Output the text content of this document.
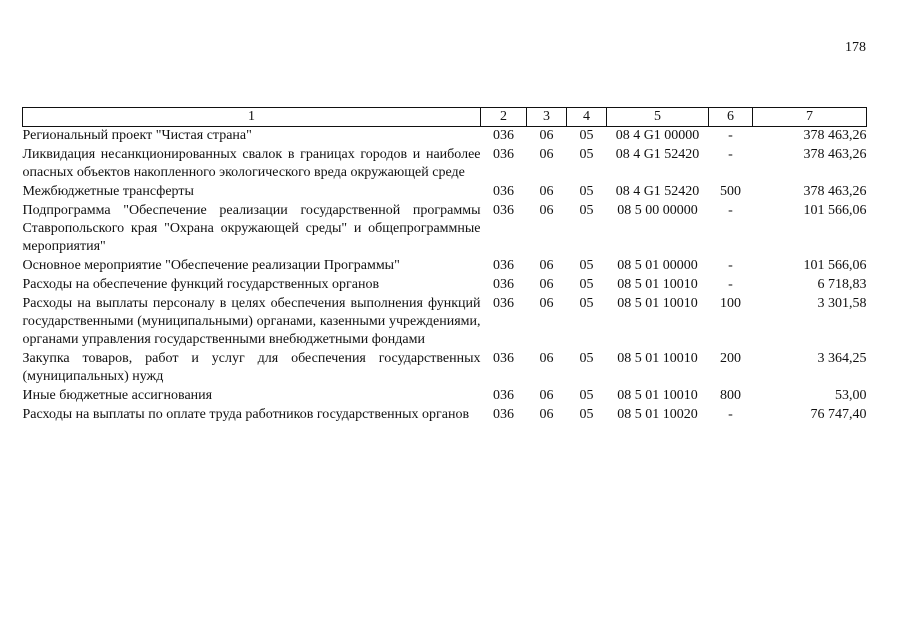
178
1	2	3	4	5	6	7
Региональный проект "Чистая страна"	036	06	05	08 4 G1 00000	-	378 463,26
Ликвидация несанкционированных свалок в границах городов и наиболее опасных объектов накопленного экологического вреда окружающей среде	036	06	05	08 4 G1 52420	-	378 463,26
Межбюджетные трансферты	036	06	05	08 4 G1 52420	500	378 463,26
Подпрограмма "Обеспечение реализации государственной программы Ставропольского края "Охрана окружающей среды" и общепрограммные мероприятия"	036	06	05	08 5 00 00000	-	101 566,06
Основное мероприятие "Обеспечение реализации Программы"	036	06	05	08 5 01 00000	-	101 566,06
Расходы на обеспечение функций государственных органов	036	06	05	08 5 01 10010	-	6 718,83
Расходы на выплаты персоналу в целях обеспечения выполнения функций государственными (муниципальными) органами, казенными учреждениями, органами управления государственными внебюджетными фондами	036	06	05	08 5 01 10010	100	3 301,58
Закупка товаров, работ и услуг для обеспечения государственных (муниципальных) нужд	036	06	05	08 5 01 10010	200	3 364,25
Иные бюджетные ассигнования	036	06	05	08 5 01 10010	800	53,00
Расходы на выплаты по оплате труда работников государственных органов	036	06	05	08 5 01 10020	-	76 747,40
